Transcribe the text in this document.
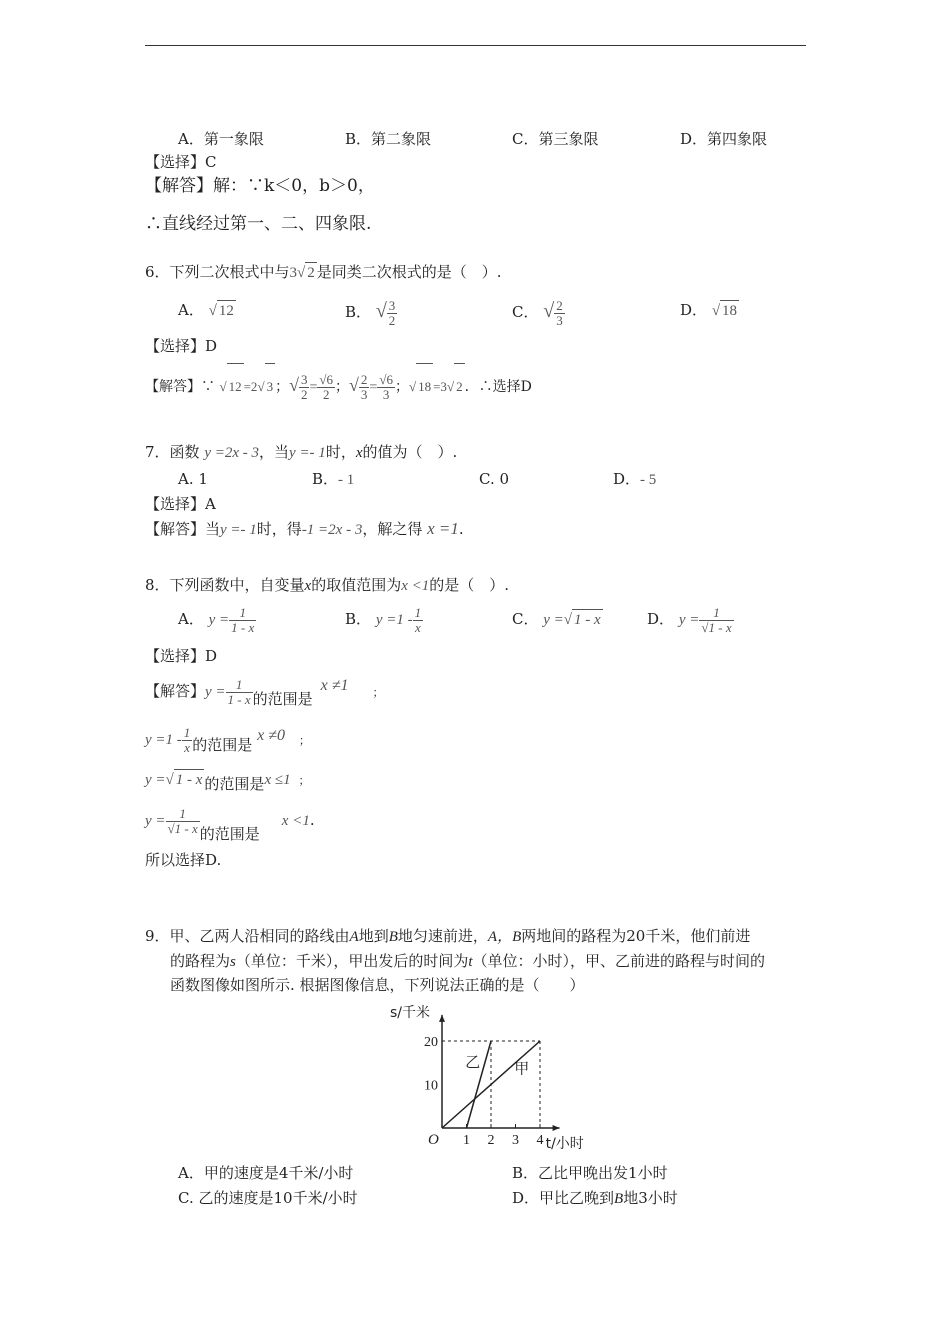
A．第一象限	B．第二象限	C．第三象限	D．第四象限
【选择】C
【解答】解：∵k＜0，b＞0，
∴直线经过第一、二、四象限.
6．下列二次根式中与3√ 2 是同类二次根式的是（　）.
A． √ 12	B． √ $\frac{3}{2}$	C． √ $\frac{2}{3}$	D． √ 18
【选择】D
【解答】∵ √ 12 =2√ 3 ；√ $\frac{3}{2} = \frac{√6}{2}$ ；√ $\frac{2}{3} = \frac{√6}{3}$ ；√ 18 =3√ 2 ．∴选择D
7．函数 y =2x - 3，当y =- 1时，x的值为（　）.
A. 1	B．- 1	C. 0	D．- 5
【选择】A
【解答】当y =- 1时，得-1 =2x - 3，解之得 x =1.
8．下列函数中，自变量x的取值范围为x <1的是（　）.
A． $y = \frac{1}{1 - x}$	B． $y =1 - \frac{1}{x}$	C． y =√ 1 - x	D． $y = \frac{1}{√1 - x}$
【选择】D
【解答】$y = \frac{1}{1 - x}$ 的范围是x ≠1 ；
$y =1 - \frac{1}{x}$ 的范围是 x ≠0 ；
y =√ 1 - x 的范围是x ≤1 ；
$y = \frac{1}{√1 - x}$ 的范围是x <1.
所以选择D.
9．甲、乙两人沿相同的路线由A地到B地匀速前进，A，B两地间的路程为20千米，他们前进
的路程为s（单位：千米），甲出发后的时间为t（单位：小时），甲、乙前进的路程与时间的
函数图像如图所示. 根据图像信息，下列说法正确的是（　　）
甲
乙
1 2 3 4
10
20
O
s/千米
t/小时
A．甲的速度是4千米/小时	B．乙比甲晚出发1小时
C. 乙的速度是10千米/小时	D．甲比乙晚到B地3小时
